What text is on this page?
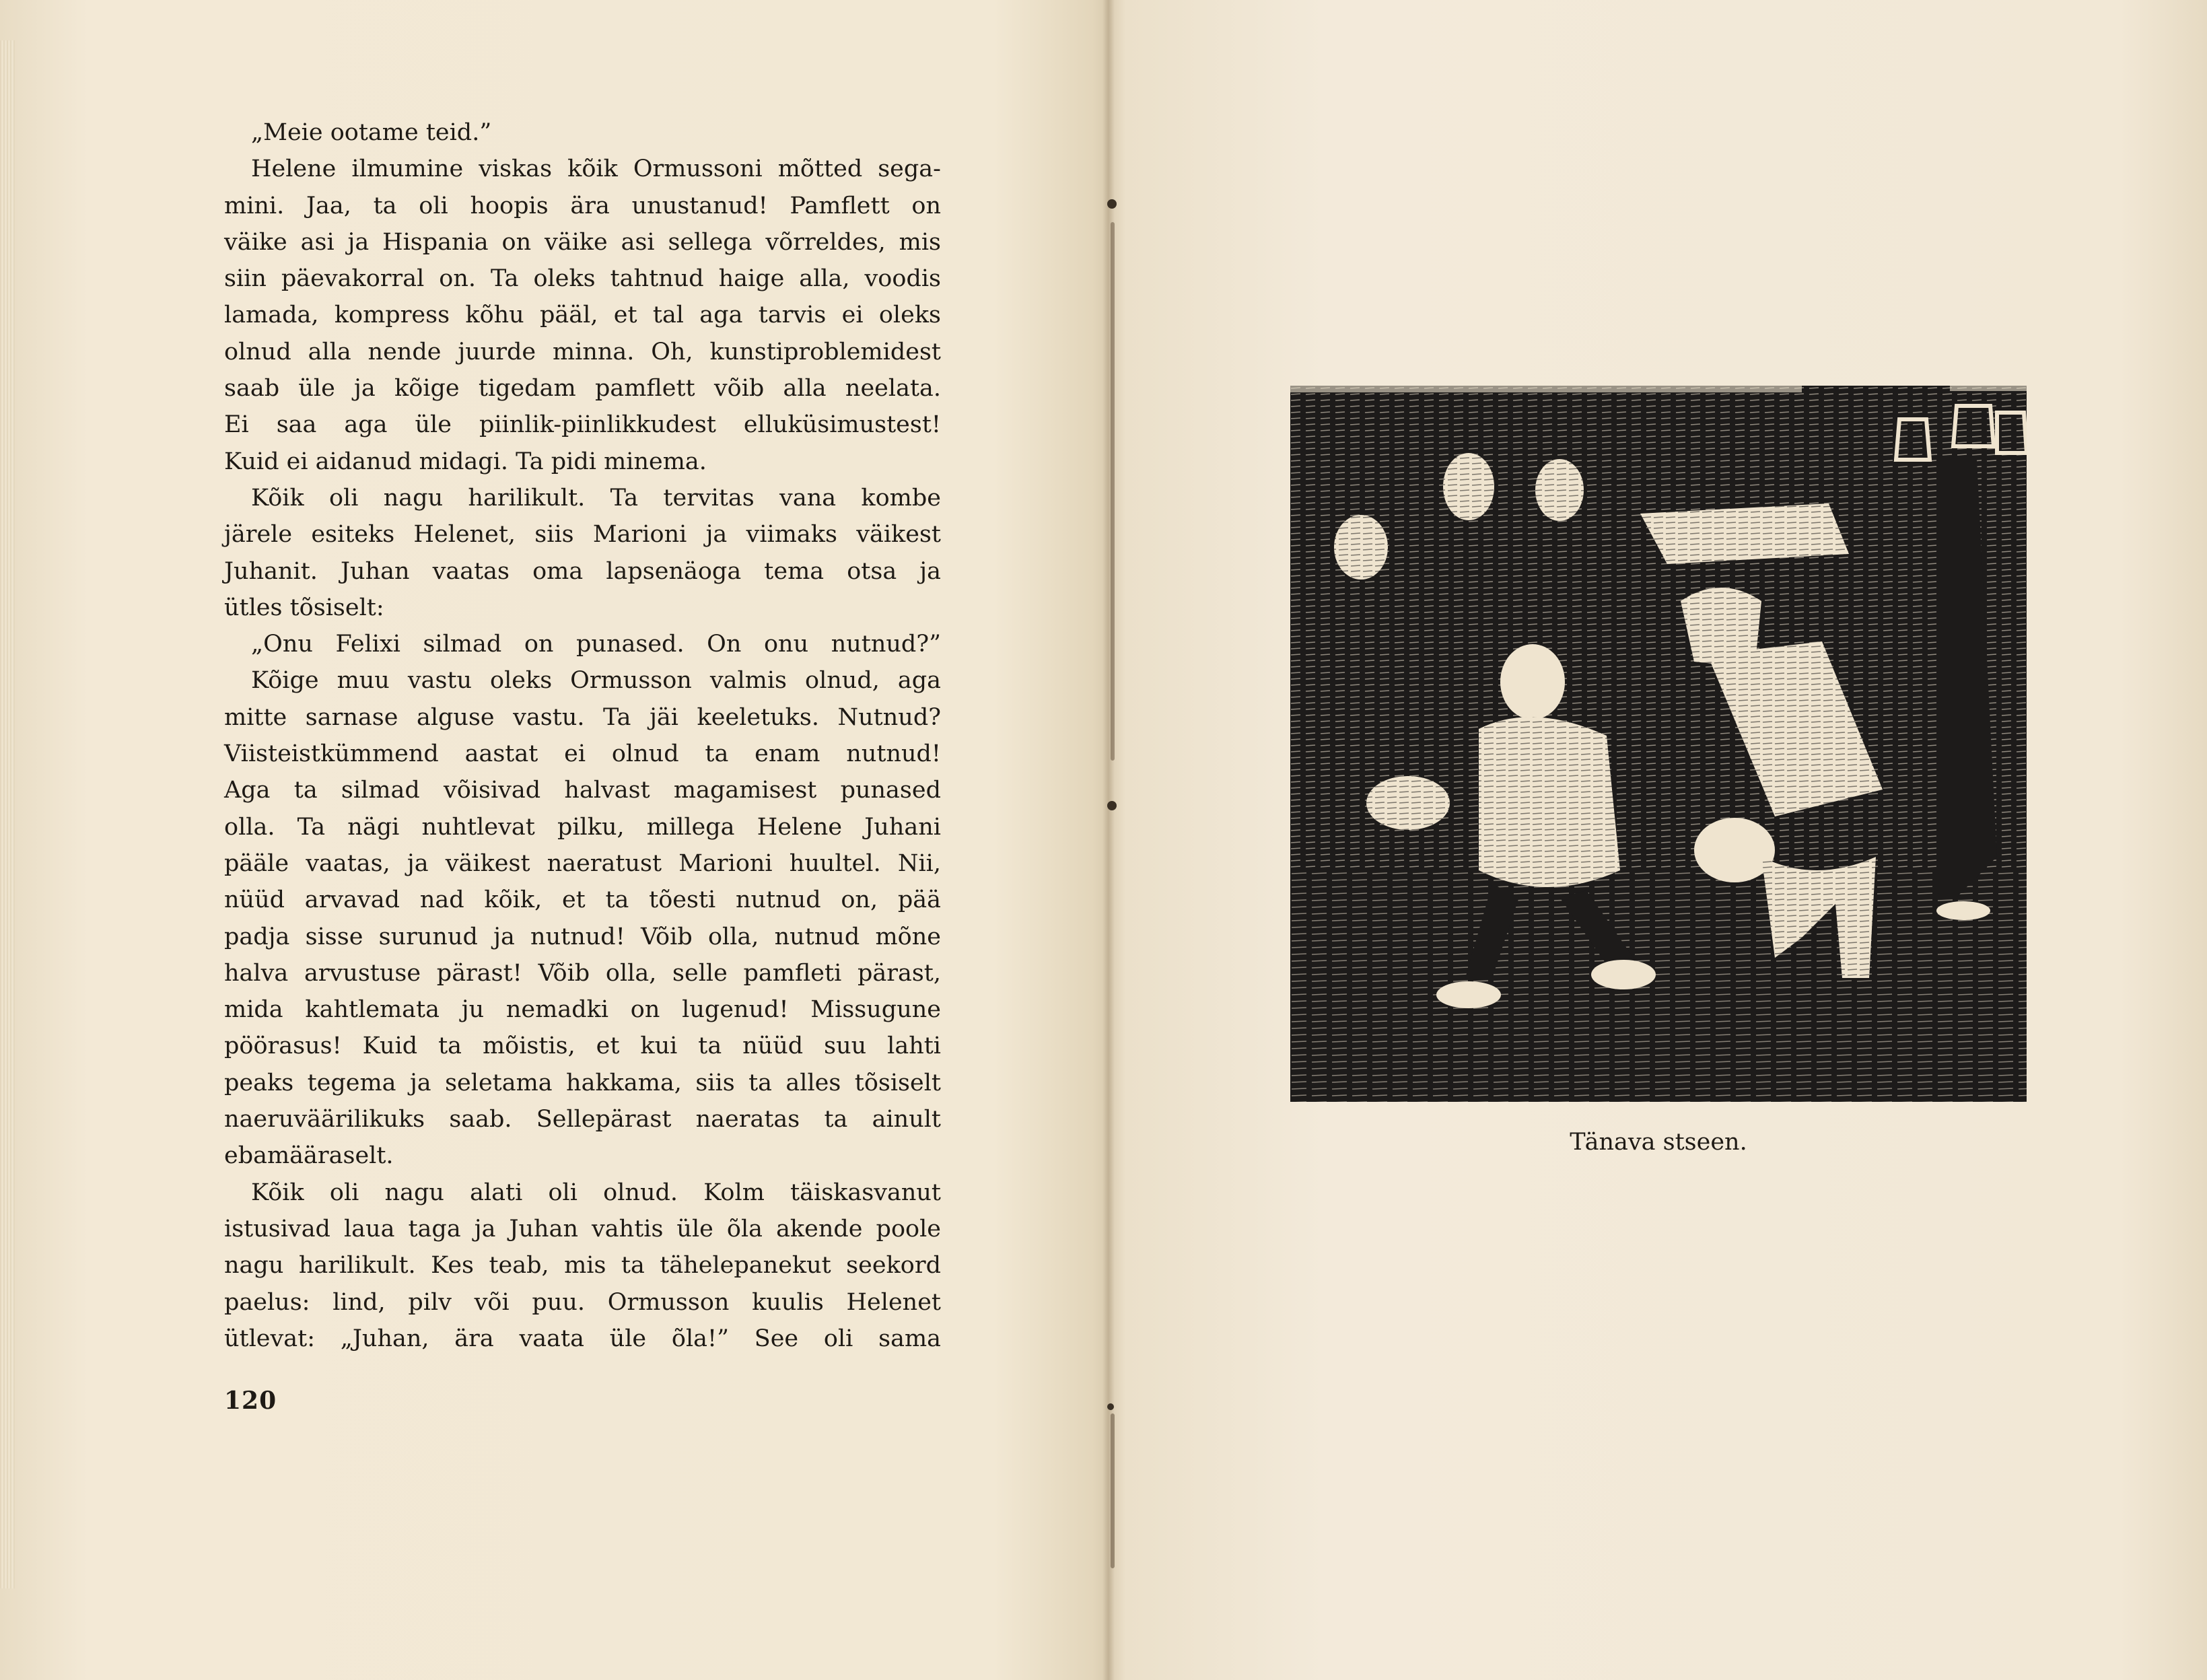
„Meie ootame teid.”
Helene ilmumine viskas kõik Ormussoni mõtted sega-
mini. Jaa, ta oli hoopis ära unustanud! Pamflett on
väike asi ja Hispania on väike asi sellega võrreldes, mis
siin päevakorral on. Ta oleks tahtnud haige alla, voodis
lamada, kompress kõhu pääl, et tal aga tarvis ei oleks
olnud alla nende juurde minna. Oh, kunstiproblemidest
saab üle ja kõige tigedam pamflett võib alla neelata.
Ei saa aga üle piinlik-piinlikkudest elluküsimustest!
Kuid ei aidanud midagi. Ta pidi minema.
Kõik oli nagu harilikult. Ta tervitas vana kombe
järele esiteks Helenet, siis Marioni ja viimaks väikest
Juhanit. Juhan vaatas oma lapsenäoga tema otsa ja
ütles tõsiselt:
„Onu Felixi silmad on punased. On onu nutnud?”
Kõige muu vastu oleks Ormusson valmis olnud, aga
mitte sarnase alguse vastu. Ta jäi keeletuks. Nutnud?
Viisteistkümmend aastat ei olnud ta enam nutnud!
Aga ta silmad võisivad halvast magamisest punased
olla. Ta nägi nuhtlevat pilku, millega Helene Juhani
pääle vaatas, ja väikest naeratust Marioni huultel. Nii,
nüüd arvavad nad kõik, et ta tõesti nutnud on, pää
padja sisse surunud ja nutnud! Võib olla, nutnud mõne
halva arvustuse pärast! Võib olla, selle pamfleti pärast,
mida kahtlemata ju nemadki on lugenud! Missugune
pöörasus! Kuid ta mõistis, et kui ta nüüd suu lahti
peaks tegema ja seletama hakkama, siis ta alles tõsiselt
naeruväärilikuks saab. Sellepärast naeratas ta ainult
ebamääraselt.
Kõik oli nagu alati oli olnud. Kolm täiskasvanut
istusivad laua taga ja Juhan vahtis üle õla akende poole
nagu harilikult. Kes teab, mis ta tähelepanekut seekord
paelus: lind, pilv või puu. Ormusson kuulis Helenet
ütlevat: „Juhan, ära vaata üle õla!” See oli sama
120
Tänava stseen.
